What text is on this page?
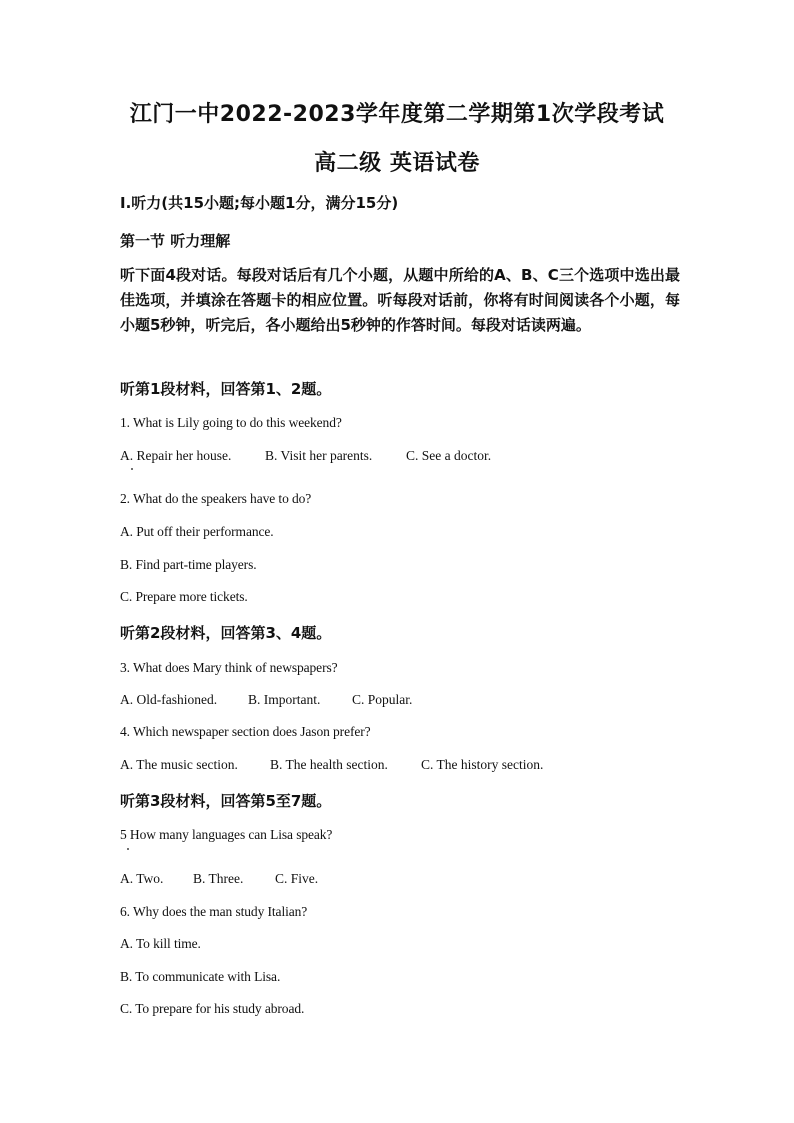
江门一中2022-2023学年度第二学期第1次学段考试
高二级 英语试卷
I.听力(共15小题;每小题1分，满分15分)
第一节 听力理解
听下面4段对话。每段对话后有几个小题，从题中所给的A、B、C三个选项中选出最佳选项，并填涂在答题卡的相应位置。听每段对话前，你将有时间阅读各个小题，每小题5秒钟，听完后，各小题给出5秒钟的作答时间。每段对话读两遍。
听第1段材料，回答第1、2题。
1. What is Lily going to do this weekend?
A. Repair her house. B. Visit her parents. C. See a doctor.
2. What do the speakers have to do?
A. Put off their performance.
B. Find part-time players.
C. Prepare more tickets.
听第2段材料，回答第3、4题。
3. What does Mary think of newspapers?
A. Old-fashioned. B. Important. C. Popular.
4. Which newspaper section does Jason prefer?
A. The music section. B. The health section. C. The history section.
听第3段材料，回答第5至7题。
5 How many languages can Lisa speak?
A. Two. B. Three. C. Five.
6. Why does the man study Italian?
A. To kill time.
B. To communicate with Lisa.
C. To prepare for his study abroad.
